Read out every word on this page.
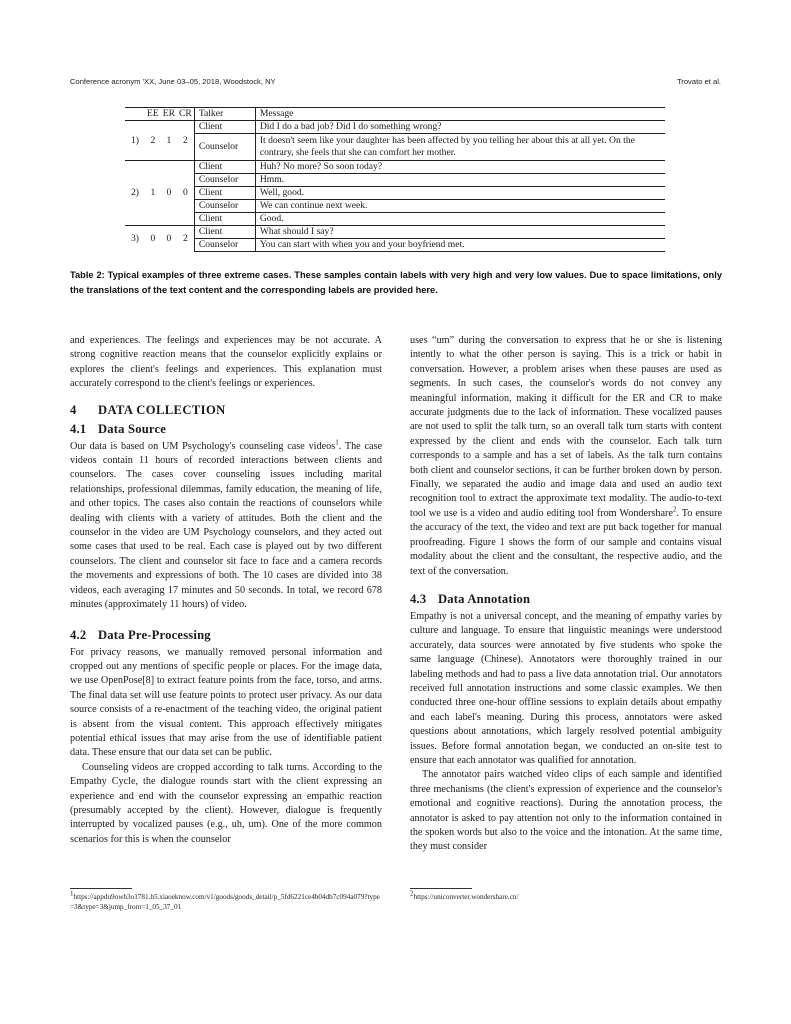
Conference acronym 'XX, June 03–05, 2018, Woodstock, NY	Trovato et al.
	EE	ER	CR	Talker	Message
1)	2	1	2	Client	Did I do a bad job? Did I do something wrong?
				Counselor	It doesn't seem like your daughter has been affected by you telling her about this at all yet. On the contrary, she feels that she can comfort her mother.
2)	1	0	0	Client	Huh? No more? So soon today?
				Counselor	Hmm.
				Client	Well, good.
				Counselor	We can continue next week.
				Client	Good.
3)	0	0	2	Client	What should I say?
				Counselor	You can start with when you and your boyfriend met.
Table 2: Typical examples of three extreme cases. These samples contain labels with very high and very low values. Due to space limitations, only the translations of the text content and the corresponding labels are provided here.

and experiences. The feelings and experiences may be not accurate. A strong cognitive reaction means that the counselor explicitly explains or explores the client's feelings and experiences. This explanation must accurately correspond to the client's feelings or experiences.

4 DATA COLLECTION
4.1 Data Source

Our data is based on UM Psychology's counseling case videos$^1$. The case videos contain 11 hours of recorded interactions between clients and counselors. The cases cover counseling issues including marital relationships, professional dilemmas, family education, the meaning of life, and other topics. The cases also contain the reactions of counselors while dealing with clients with a variety of attitudes. Both the client and the counselor in the video are UM Psychology counselors, and they acted out some cases that used to be real. Each case is played out by two different counselors. The client and counselor sit face to face and a camera records the movements and expressions of both. The 10 cases are divided into 38 videos, each averaging 17 minutes and 50 seconds. In total, we record 678 minutes (approximately 11 hours) of video.

4.2 Data Pre-Processing

For privacy reasons, we manually removed personal information and cropped out any mentions of specific people or places. For the image data, we use OpenPose[8] to extract feature points from the face, torso, and arms. The final data set will use feature points to protect user privacy. As our data source consists of a re-enactment of the teaching video, the original patient is absent from the visual content. This approach effectively mitigates potential ethical issues that may arise from the use of identifiable patient data. These ensure that our data set can be public.

Counseling videos are cropped according to talk turns. According to the Empathy Cycle, the dialogue rounds start with the client expressing an experience and end with the counselor expressing an empathic reaction (presumably accepted by the client). However, dialogue is frequently interrupted by vocalized pauses (e.g., uh, um). One of the more common scenarios for this is when the counselor

uses “um” during the conversation to express that he or she is listening intently to what the other person is saying. This is a trick or habit in conversation. However, a problem arises when these pauses are used as segments. In such cases, the counselor's words do not convey any meaningful information, making it difficult for the ER and CR to make accurate judgments due to the lack of information. These vocalized pauses are not used to split the talk turn, so an overall talk turn starts with content expressed by the client and ends with the counselor. Each talk turn corresponds to a sample and has a set of labels. As the talk turn contains both client and counselor sections, it can be further broken down by person. Finally, we separated the audio and image data and used an audio text recognition tool to extract the approximate text modality. The audio-to-text tool we use is a video and audio editing tool from Wondershare$^2$. To ensure the accuracy of the text, the video and text are put back together for manual proofreading. Figure 1 shows the form of our sample and contains visual modality about the client and the consultant, the respective audio, and the text of the conversation.

4.3 Data Annotation

Empathy is not a universal concept, and the meaning of empathy varies by culture and language. To ensure that linguistic meanings were understood accurately, data sources were annotated by five students who spoke the same language (Chinese). Annotators were thoroughly trained in our labeling methods and had to pass a live data annotation trial. Our annotators received full annotation instructions and some classic examples. We then conducted three one-hour offline sessions to explain details about empathy and each label's meaning. During this process, annotators were asked questions about annotations, which largely resolved potential ambiguity issues. Before formal annotation began, we conducted an on-site test to ensure that each annotator was qualified for annotation.

The annotator pairs watched video clips of each sample and identified three mechanisms (the client's expression of experience and the counselor's emotional and cognitive reactions). During the annotation process, the annotator is asked to pay attention not only to the information contained in the spoken words but also to the voice and the intonation. At the same time, they must consider

$^1$https://appdu9owh3o1781.h5.xiaoeknow.com/v1/goods/goods_detail/p_5fd6221ce4b04db7c094a079?type=3&type=3&jump_from=1_05_37_01
$^2$https://uniconverter.wondershare.cn/
